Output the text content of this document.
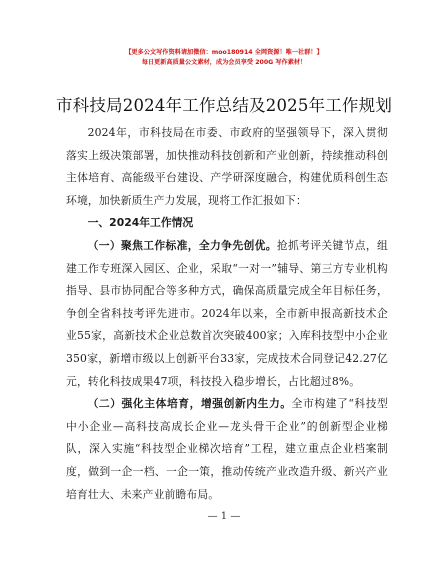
【更多公文写作资料请加微信：moo180914 全网资源！唯一社群！】
每日更新高质量公文素材，成为会员享受 200G 写作素材！
市科技局2024年工作总结及2025年工作规划

2024年，市科技局在市委、市政府的坚强领导下，深入贯彻落实上级决策部署，加快推动科技创新和产业创新，持续推动科创主体培育、高能级平台建设、产学研深度融合，构建优质科创生态环境，加快新质生产力发展，现将工作汇报如下：

一、2024年工作情况

（一）聚焦工作标准，全力争先创优。抢抓考评关键节点，组建工作专班深入园区、企业，采取“一对一”辅导、第三方专业机构指导、县市协同配合等多种方式，确保高质量完成全年目标任务，争创全省科技考评先进市。2024年以来，全市新申报高新技术企业55家，高新技术企业总数首次突破400家；入库科技型中小企业350家，新增市级以上创新平台33家，完成技术合同登记42.27亿元，转化科技成果47项，科技投入稳步增长，占比超过8%。

（二）强化主体培育，增强创新内生力。全市构建了“科技型中小企业—高科技高成长企业—龙头骨干企业”的创新型企业梯队，深入实施“科技型企业梯次培育”工程，建立重点企业档案制度，做到一企一档、一企一策，推动传统产业改造升级、新兴产业培育壮大、未来产业前瞻布局。

— 1 —
